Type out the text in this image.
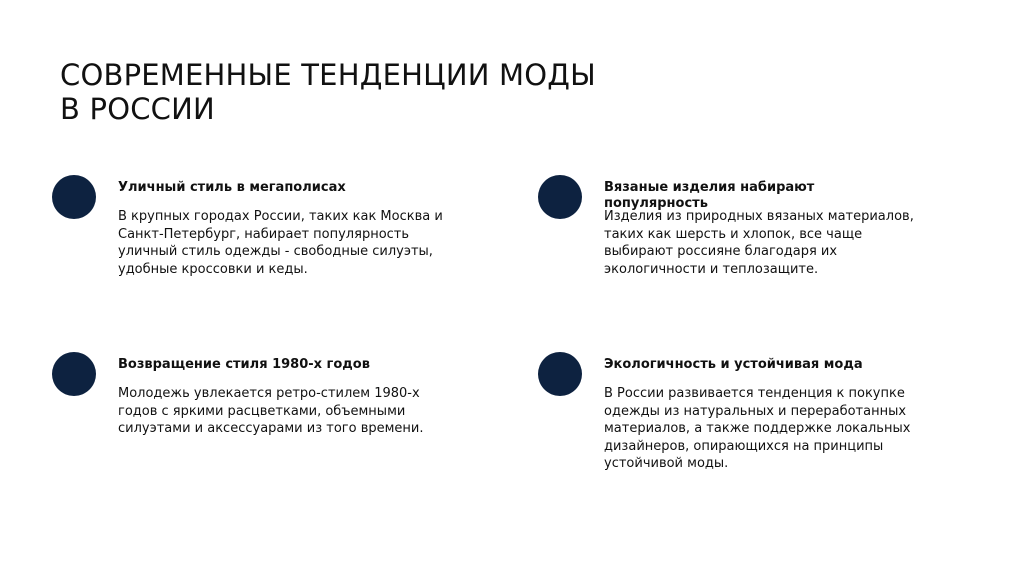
СОВРЕМЕННЫЕ ТЕНДЕНЦИИ МОДЫ
В РОССИИ
Уличный стиль в мегаполисах
В крупных городах России, таких как Москва и Санкт-Петербург, набирает популярность уличный стиль одежды - свободные силуэты, удобные кроссовки и кеды.
Вязаные изделия набирают популярность
Изделия из природных вязаных материалов, таких как шерсть и хлопок, все чаще выбирают россияне благодаря их экологичности и теплозащите.
Возвращение стиля 1980-х годов
Молодежь увлекается ретро-стилем 1980-х годов с яркими расцветками, объемными силуэтами и аксессуарами из того времени.
Экологичность и устойчивая мода
В России развивается тенденция к покупке одежды из натуральных и переработанных материалов, а также поддержке локальных дизайнеров, опирающихся на принципы устойчивой моды.
